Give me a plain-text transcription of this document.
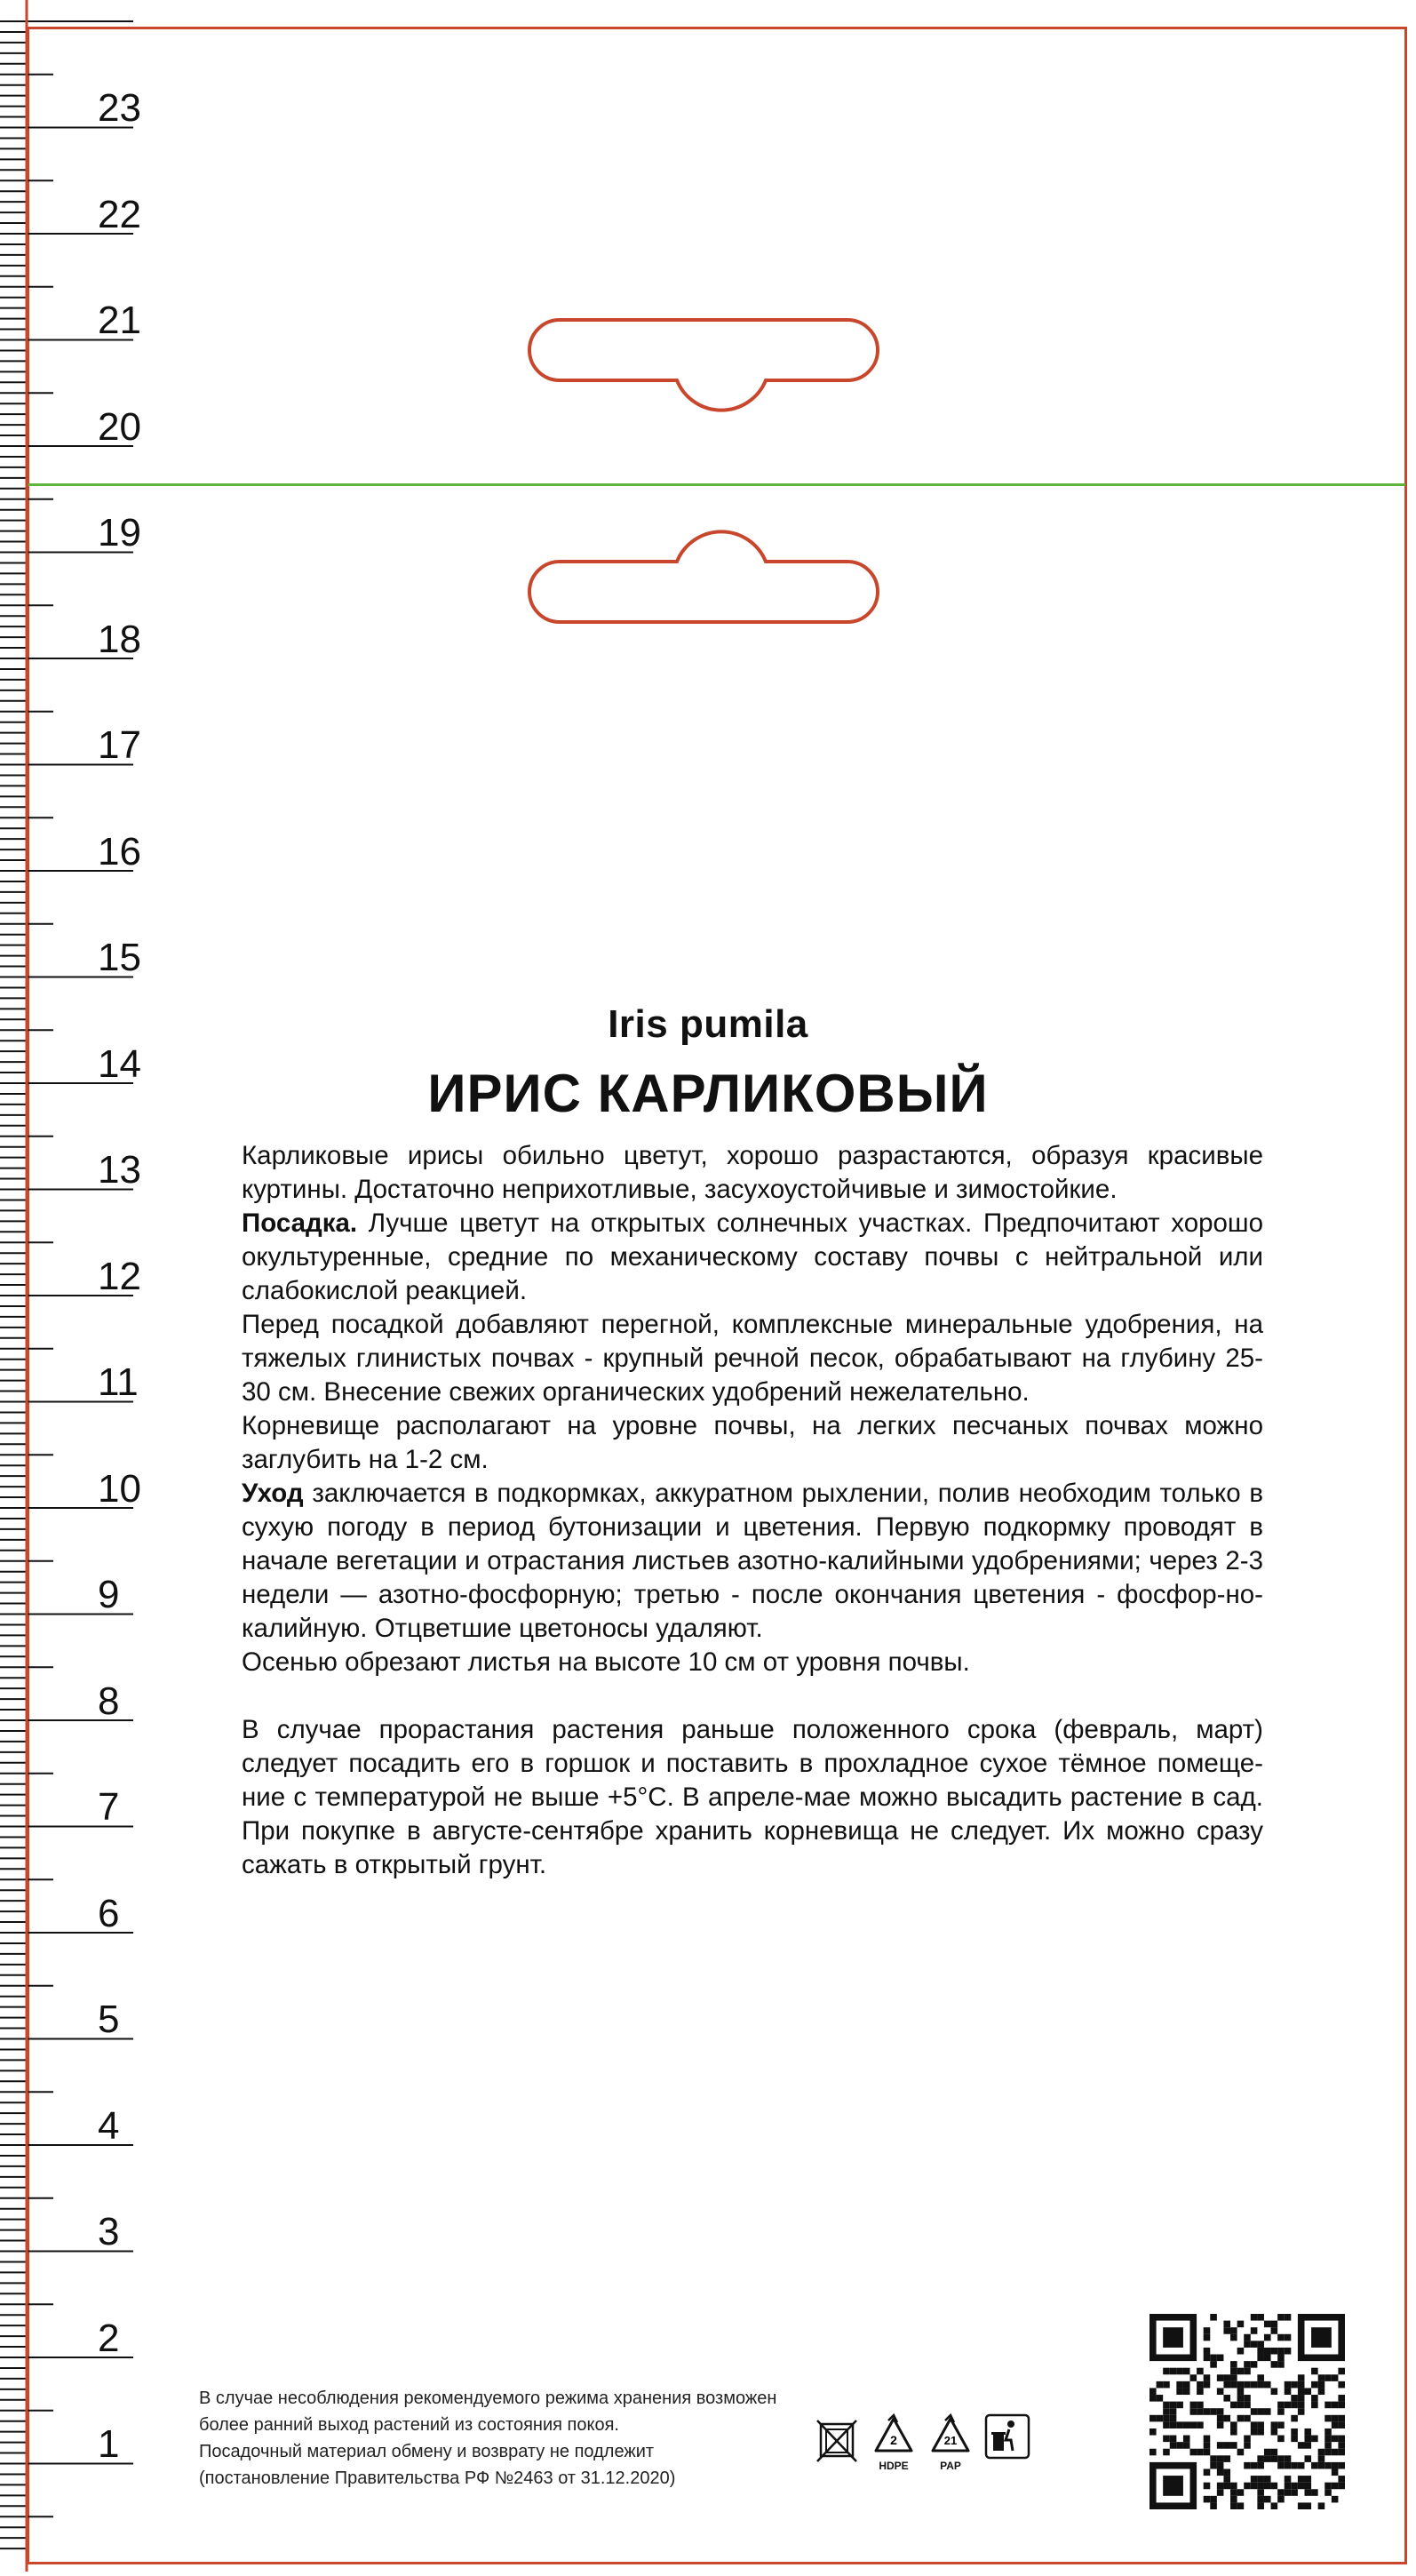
23
22
21
20
19
18
17
16
15
14
13
12
11
10
9
8
7
6
5
4
3
2
1
Iris pumila
ИРИС КАРЛИКОВЫЙ

Карликовые ирисы обильно цветут, хорошо разрастаются, образуя красивые куртины. Достаточно неприхотливые, засухоустойчивые и зимостойкие.

Посадка. Лучше цветут на открытых солнечных участках. Предпочитают хорошо окультуренные, средние по механическому составу почвы с нейтральной или слабокислой реакцией.

Перед посадкой добавляют перегной, комплексные минеральные удобрения, на тяжелых глинистых почвах - крупный речной песок, обрабатывают на глубину 25-30 см. Внесение свежих органических удобрений нежелательно.

Корневище располагают на уровне почвы, на легких песчаных почвах можно заглубить на 1-2 см.

Уход заключается в подкормках, аккуратном рыхлении, полив необходим только в сухую погоду в период бутонизации и цветения. Первую подкормку проводят в начале вегетации и отрастания листьев азотно-калийными удобрениями; через 2-3 недели — азотно-фосфорную; третью - после окончания цветения - фосфор-но-калийную. Отцветшие цветоносы удаляют.

Осенью обрезают листья на высоте 10 см от уровня почвы.

В случае прорастания растения раньше положенного срока (февраль, март) следует посадить его в горшок и поставить в прохладное сухое тёмное помеще-ние с температурой не выше +5°С. В апреле-мае можно высадить растение в сад. При покупке в августе-сентябре хранить корневища не следует. Их можно сразу сажать в открытый грунт.

В случае несоблюдения рекомендуемого режима хранения возможен
более ранний выход растений из состояния покоя.
Посадочный материал обмену и возврату не подлежит
(постановление Правительства РФ №2463 от 31.12.2020)
2
HDPE
21
PAP
